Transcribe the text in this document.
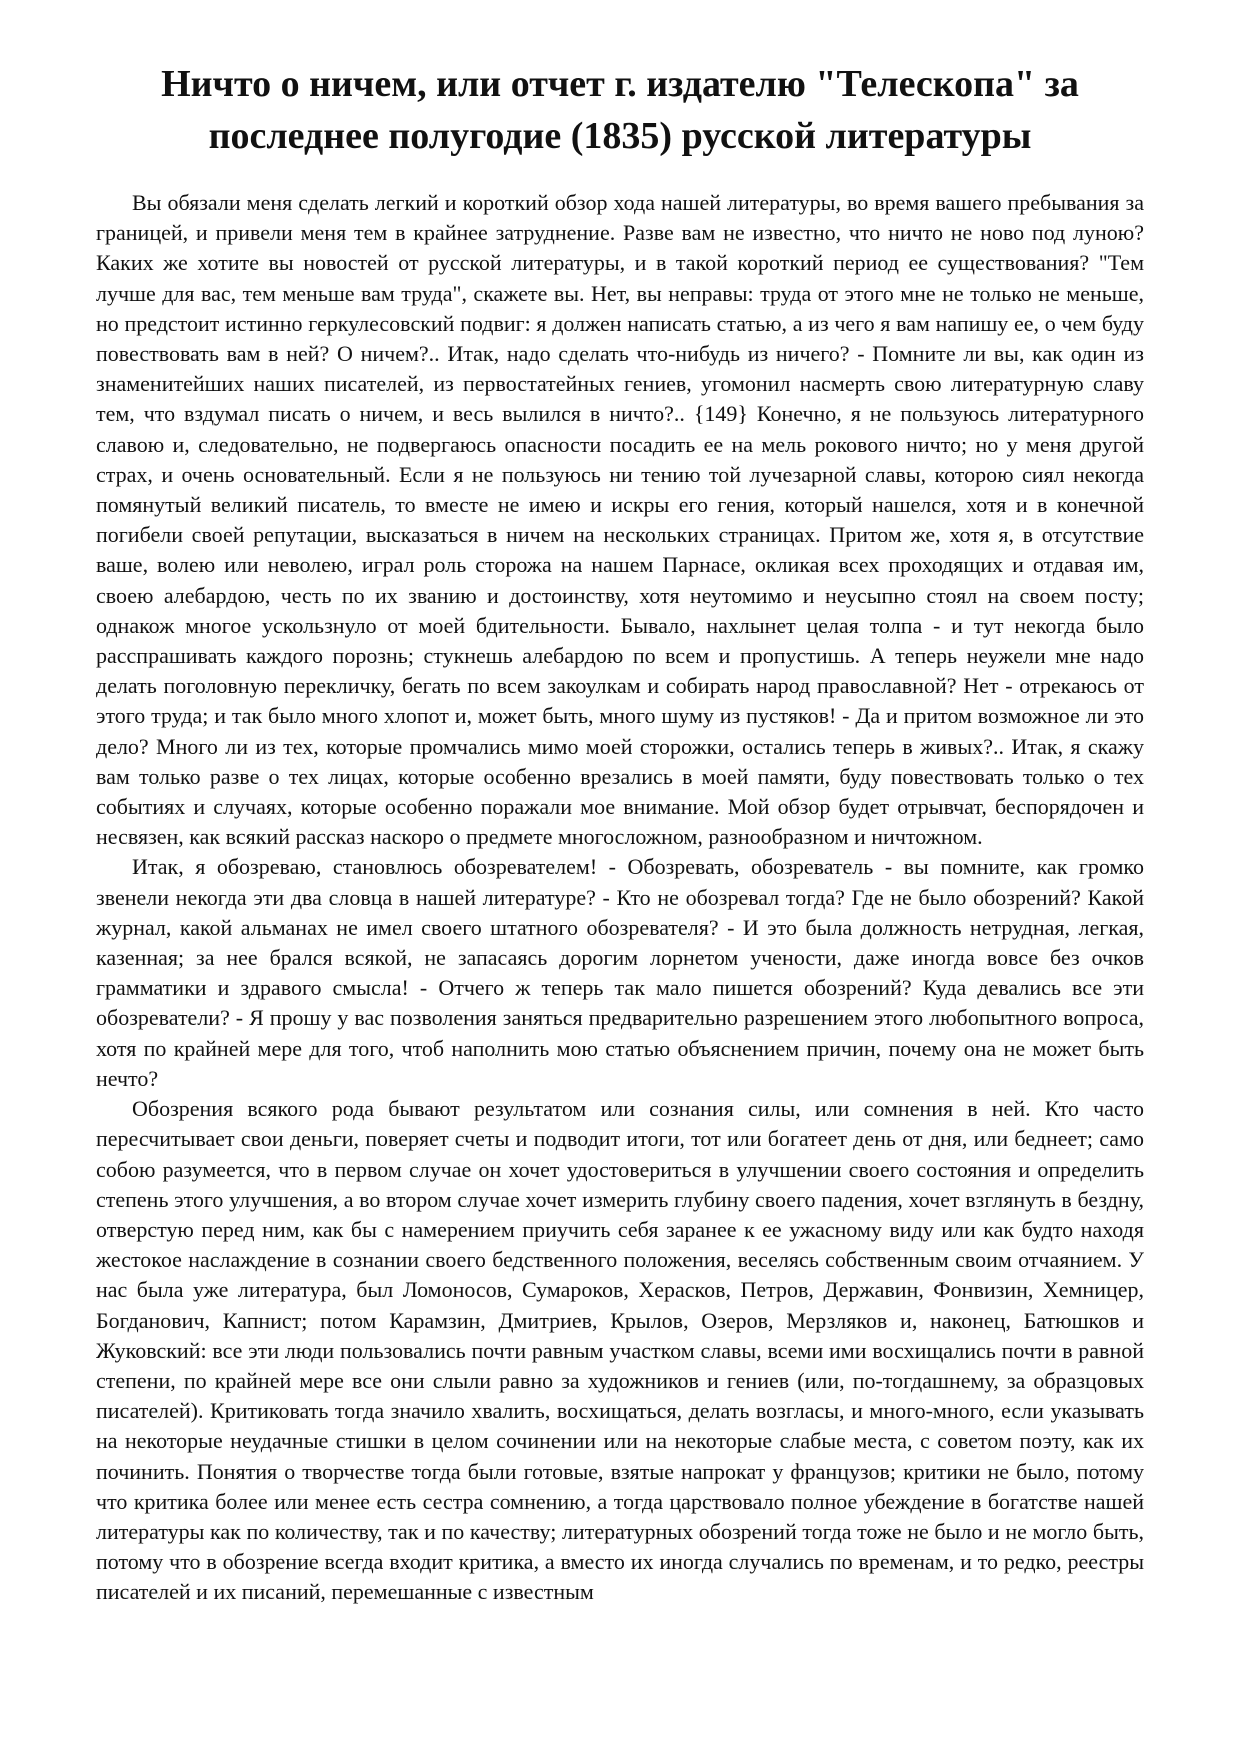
Ничто о ничем, или отчет г. издателю "Телескопа" за
последнее полугодие (1835) русской литературы

Вы обязали меня сделать легкий и короткий обзор хода нашей литературы, во время вашего пребывания за границей, и привели меня тем в крайнее затруднение. Разве вам не известно, что ничто не ново под луною? Каких же хотите вы новостей от русской литературы, и в такой короткий период ее существования? "Тем лучше для вас, тем меньше вам труда", скажете вы. Нет, вы неправы: труда от этого мне не только не меньше, но предстоит истинно геркулесовский подвиг: я должен написать статью, а из чего я вам напишу ее, о чем буду повествовать вам в ней? О ничем?.. Итак, надо сделать что-нибудь из ничего? - Помните ли вы, как один из знаменитейших наших писателей, из первостатейных гениев, угомонил насмерть свою литературную славу тем, что вздумал писать о ничем, и весь вылился в ничто?.. {149} Конечно, я не пользуюсь литературного славою и, следовательно, не подвергаюсь опасности посадить ее на мель рокового ничто; но у меня другой страх, и очень основательный. Если я не пользуюсь ни тению той лучезарной славы, которою сиял некогда помянутый великий писатель, то вместе не имею и искры его гения, который нашелся, хотя и в конечной погибели своей репутации, высказаться в ничем на нескольких страницах. Притом же, хотя я, в отсутствие ваше, волею или неволею, играл роль сторожа на нашем Парнасе, окликая всех проходящих и отдавая им, своею алебардою, честь по их званию и достоинству, хотя неутомимо и неусыпно стоял на своем посту; однакож многое ускользнуло от моей бдительности. Бывало, нахлынет целая толпа - и тут некогда было расспрашивать каждого порознь; стукнешь алебардою по всем и пропустишь. А теперь неужели мне надо делать поголовную перекличку, бегать по всем закоулкам и собирать народ православной? Нет - отрекаюсь от этого труда; и так было много хлопот и, может быть, много шуму из пустяков! - Да и притом возможное ли это дело? Много ли из тех, которые промчались мимо моей сторожки, остались теперь в живых?.. Итак, я скажу вам только разве о тех лицах, которые особенно врезались в моей памяти, буду повествовать только о тех событиях и случаях, которые особенно поражали мое внимание. Мой обзор будет отрывчат, беспорядочен и несвязен, как всякий рассказ наскоро о предмете многосложном, разнообразном и ничтожном.

Итак, я обозреваю, становлюсь обозревателем! - Обозревать, обозреватель - вы помните, как громко звенели некогда эти два словца в нашей литературе? - Кто не обозревал тогда? Где не было обозрений? Какой журнал, какой альманах не имел своего штатного обозревателя? - И это была должность нетрудная, легкая, казенная; за нее брался всякой, не запасаясь дорогим лорнетом учености, даже иногда вовсе без очков грамматики и здравого смысла! - Отчего ж теперь так мало пишется обозрений? Куда девались все эти обозреватели? - Я прошу у вас позволения заняться предварительно разрешением этого любопытного вопроса, хотя по крайней мере для того, чтоб наполнить мою статью объяснением причин, почему она не может быть нечто?

Обозрения всякого рода бывают результатом или сознания силы, или сомнения в ней. Кто часто пересчитывает свои деньги, поверяет счеты и подводит итоги, тот или богатеет день от дня, или беднеет; само собою разумеется, что в первом случае он хочет удостовериться в улучшении своего состояния и определить степень этого улучшения, а во втором случае хочет измерить глубину своего падения, хочет взглянуть в бездну, отверстую перед ним, как бы с намерением приучить себя заранее к ее ужасному виду или как будто находя жестокое наслаждение в сознании своего бедственного положения, веселясь собственным своим отчаянием. У нас была уже литература, был Ломоносов, Сумароков, Херасков, Петров, Державин, Фонвизин, Хемницер, Богданович, Капнист; потом Карамзин, Дмитриев, Крылов, Озеров, Мерзляков и, наконец, Батюшков и Жуковский: все эти люди пользовались почти равным участком славы, всеми ими восхищались почти в равной степени, по крайней мере все они слыли равно за художников и гениев (или, по-тогдашнему, за образцовых писателей). Критиковать тогда значило хвалить, восхищаться, делать возгласы, и много-много, если указывать на некоторые неудачные стишки в целом сочинении или на некоторые слабые места, с советом поэту, как их починить. Понятия о творчестве тогда были готовые, взятые напрокат у французов; критики не было, потому что критика более или менее есть сестра сомнению, а тогда царствовало полное убеждение в богатстве нашей литературы как по количеству, так и по качеству; литературных обозрений тогда тоже не было и не могло быть, потому что в обозрение всегда входит критика, а вместо их иногда случались по временам, и то редко, реестры писателей и их писаний, перемешанные с известным
